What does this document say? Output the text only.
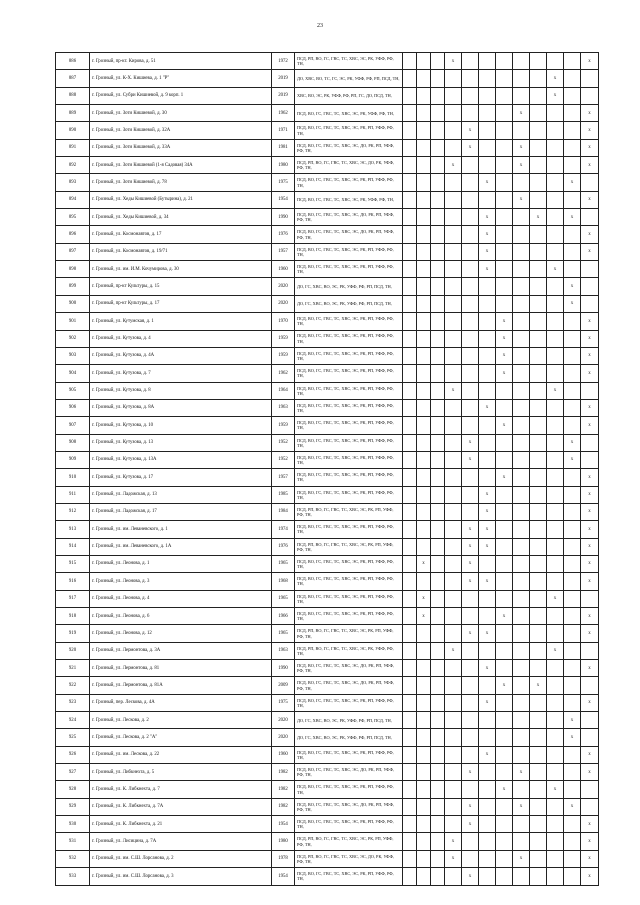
23
886	г. Грозный, пр-кт. Кирова, д. 51	1972	ПСД, РП, ВО, ГС, ГВС, ТС, ХВС, ЭС, РК, УФФ, РФ, ТН,				x								x
887	г. Грозный, ул. К-Х. Кишиева, д. 1 "Р"	2019	ДО, ХВС, ВО, ТС, ГС, ЭС, РК, УФФ, РФ, РП, ПСД, ТН,										x		
888	г. Грозный, ул. Субри Кишиевой, д. 9 корп. 1	2019	ХВС, ВО, ЭС, РК, УФФ, РФ, РП, ГС, ДО, ПСД, ТН,										x		
889	г. Грозный, ул. Зоти Кишиевой, д. 30	1962	ПСД, ВО, ГС, ГВС, ТС, ХВС, ЭС, РК, УФФ, РФ, ТН,								x				x
890	г. Грозный, ул. Зоти Кишиевой, д. 32А	1971	ПСД, ВО, ГС, ГВС, ТС, ХВС, ЭС, РК, РП, УФФ, РФ, ТН,					x							x
891	г. Грозный, ул. Зоти Кишиевой, д. 33А	1981	ПСД, ВО, ГС, ГВС, ТС, ХВС, ЭС, ДО, РК, РП, УФФ, РФ, ТН,					x			x				x
892	г. Грозный, ул. Зоти Кишиевой (1-я Садовая) 34А	1980	ПСД, РП, ВО, ГС, ГВС, ТС, ХВС, ЭС, ДО, РК, УФФ, РФ, ТН,				x				x				x
893	г. Грозный, ул. Зоти Кишиевой, д. 78	1975	ПСД, ВО, ГС, ГВС, ТС, ХВС, ЭС, РК, РП, УФФ, РФ, ТН,						x					x	
894	г. Грозный, ул. Хеды Кишиевой (Бутырина), д. 21	1954	ПСД, ВО, ГС, ГВС, ТС, ХВС, ЭС, РК, УФФ, РФ, ТН,								x				x
895	г. Грозный, ул. Хеды Кишиевой, д. 34	1990	ПСД, ВО, ГС, ГВС, ТС, ХВС, ЭС, ДО, РК, РП, УФФ, РФ, ТН,						x			x		x	
896	г. Грозный, ул. Космонавтов, д. 17	1976	ПСД, ВО, ГС, ГВС, ТС, ХВС, ЭС, ДО, РК, РП, УФФ, РФ, ТН,						x						x
897	г. Грозный, ул. Космонавтов, д. 19/71	1957	ПСД, ВО, ГС, ГВС, ТС, ХВС, ЭС, РК, РП, УФФ, РФ, ТН,						x						x
898	г. Грозный, ул. им. И.М. Кочумирова, д. 30	1960	ПСД, ВО, ГС, ГВС, ТС, ХВС, ЭС, РК, РП, УФФ, РФ, ТН,						x				x		
899	г. Грозный, пр-кт Культуры, д. 15	2020	ДО, ГС, ХВС, ВО, ЭС, РК, УФФ, РФ, РП, ПСД, ТН,											x	
900	г. Грозный, пр-кт Культуры, д. 17	2020	ДО, ГС, ХВС, ВО, ЭС, РК, УФФ, РФ, РП, ПСД, ТН,											x	
901	г. Грозный, ул. Кутумская, д. 1	1970	ПСД, ВО, ГС, ГВС, ТС, ХВС, ЭС, РК, РП, УФФ, РФ, ТН,							x					x
902	г. Грозный, ул. Кутузова, д. 4	1959	ПСД, ВО, ГС, ГВС, ТС, ХВС, ЭС, РК, РП, УФФ, РФ, ТН,							x					x
903	г. Грозный, ул. Кутузова, д. 4А	1959	ПСД, ВО, ГС, ГВС, ТС, ХВС, ЭС, РК, РП, УФФ, РФ, ТН,							x					x
904	г. Грозный, ул. Кутузова, д. 7	1962	ПСД, ВО, ГС, ГВС, ТС, ХВС, ЭС, РК, РП, УФФ, РФ, ТН,							x					x
905	г. Грозный, ул. Кутузова, д. 8	1964	ПСД, ВО, ГС, ГВС, ТС, ХВС, ЭС, РК, РП, УФФ, РФ, ТН,				x						x		
906	г. Грозный, ул. Кутузова, д. 8А	1963	ПСД, ВО, ГС, ГВС, ТС, ХВС, ЭС, РК, РП, УФФ, РФ, ТН,						x						x
907	г. Грозный, ул. Кутузова, д. 10	1959	ПСД, ВО, ГС, ГВС, ТС, ХВС, ЭС, РК, РП, УФФ, РФ, ТН,							x					x
908	г. Грозный, ул. Кутузова, д. 13	1952	ПСД, ВО, ГС, ГВС, ТС, ХВС, ЭС, РК, РП, УФФ, РФ, ТН,					x						x	
909	г. Грозный, ул. Кутузова, д. 13А	1952	ПСД, ВО, ГС, ГВС, ТС, ХВС, ЭС, РК, РП, УФФ, РФ, ТН,					x						x	
910	г. Грозный, ул. Кутузова, д. 17	1957	ПСД, ВО, ГС, ГВС, ТС, ХВС, ЭС, РК, РП, УФФ, РФ, ТН,							x					x
911	г. Грозный, ул. Ладожская, д. 13	1985	ПСД, ВО, ГС, ГВС, ТС, ХВС, ЭС, РК, РП, УФФ, РФ, ТН,						x						x
912	г. Грозный, ул. Ладожская, д. 17	1984	ПСД, РП, ВО, ГС, ГВС, ТС, ХВС, ЭС, РК, РП, УФФ, РФ, ТН,						x						x
913	г. Грозный, ул. им. Леваневского, д. 1	1974	ПСД, ВО, ГС, ГВС, ТС, ХВС, ЭС, РК, РП, УФФ, РФ, ТН,					x	x						x
914	г. Грозный, ул. им. Леваневского, д. 1А	1976	ПСД, РП, ВО, ГС, ГВС, ТС, ХВС, ЭС, РК, РП, УФФ, РФ, ТН,					x	x						x
915	г. Грозный, ул. Леонова, д. 1	1965	ПСД, ВО, ГС, ГВС, ТС, ХВС, ЭС, РК, РП, УФФ, РФ, ТН,		x			x							x
916	г. Грозный, ул. Леонова, д. 3	1968	ПСД, ВО, ГС, ГВС, ТС, ХВС, ЭС, РК, РП, УФФ, РФ, ТН,					x	x						x
917	г. Грозный, ул. Леонова, д. 4	1965	ПСД, ВО, ГС, ГВС, ТС, ХВС, ЭС, РК, РП, УФФ, РФ, ТН,		x								x		
918	г. Грозный, ул. Леонова, д. 6	1966	ПСД, ВО, ГС, ГВС, ТС, ХВС, ЭС, РК, РП, УФФ, РФ, ТН,		x					x					x
919	г. Грозный, ул. Леонова, д. 12	1965	ПСД, РП, ВО, ГС, ГВС, ТС, ХВС, ЭС, РК, РП, УФФ, РФ, ТН,					x	x						x
920	г. Грозный, ул. Лермонтова, д. 3А	1963	ПСД, РП, ВО, ГС, ГВС, ТС, ХВС, ЭС, РК, УФФ, РФ, ТН,				x						x		
921	г. Грозный, ул. Лермонтова, д. 81	1990	ПСД, ВО, ГС, ГВС, ТС, ХВС, ЭС, ДО, РК, РП, УФФ, РФ, ТН,						x						x
922	г. Грозный, ул. Лермонтова, д. 81А	2009	ПСД, ВО, ГС, ГВС, ТС, ХВС, ЭС, ДО, РК, РП, УФФ, РФ, ТН,							x		x			
923	г. Грозный, пер. Лескова, д. 4А	1975	ПСД, ВО, ГС, ГВС, ТС, ХВС, ЭС, РК, РП, УФФ, РФ, ТН,						x						x
924	г. Грозный, ул. Лескова, д. 2	2020	ДО, ГС, ХВС, ВО, ЭС, РК, УФФ, РФ, РП, ПСД, ТН,											x	
925	г. Грозный, ул. Лескова, д. 2 "А"	2020	ДО, ГС, ХВС, ВО, ЭС, РК, УФФ, РФ, РП, ПСД, ТН,											x	
926	г. Грозный, ул. им. Лескова, д. 22	1960	ПСД, ВО, ГС, ГВС, ТС, ХВС, ЭС, РК, РП, УФФ, РФ, ТН,						x						x
927	г. Грозный, ул. Либкнехта, д. 5	1982	ПСД, ВО, ГС, ГВС, ТС, ХВС, ЭС, ДО, РК, РП, УФФ, РФ, ТН,					x			x				x
928	г. Грозный, ул. К. Либкнехта, д. 7	1982	ПСД, ВО, ГС, ГВС, ТС, ХВС, ЭС, РК, РП, УФФ, РФ, ТН,							x			x		
929	г. Грозный, ул. К. Либкнехта, д. 7А	1982	ПСД, ВО, ГС, ГВС, ТС, ХВС, ЭС, ДО, РК, РП, УФФ, РФ, ТН,					x			x			x	
930	г. Грозный, ул. К. Либкнехта, д. 21	1954	ПСД, ВО, ГС, ГВС, ТС, ХВС, ЭС, РК, РП, УФФ, РФ, ТН,					x							x
931	г. Грозный, ул. Лисицина, д. 7А	1980	ПСД, РП, ВО, ГС, ГВС, ТС, ХВС, ЭС, РК, РП, УФФ, РФ, ТН,				x								x
932	г. Грозный, ул. им. С.Ш. Лорсанова, д. 2	1978	ПСД, РП, ВО, ГС, ГВС, ТС, ХВС, ЭС, ДО, РК, УФФ, РФ, ТН,				x				x				x
933	г. Грозный, ул. им. С.Ш. Лорсанова, д. 3	1954	ПСД, ВО, ГС, ГВС, ТС, ХВС, ЭС, РК, РП, УФФ, РФ, ТН,					x							x
